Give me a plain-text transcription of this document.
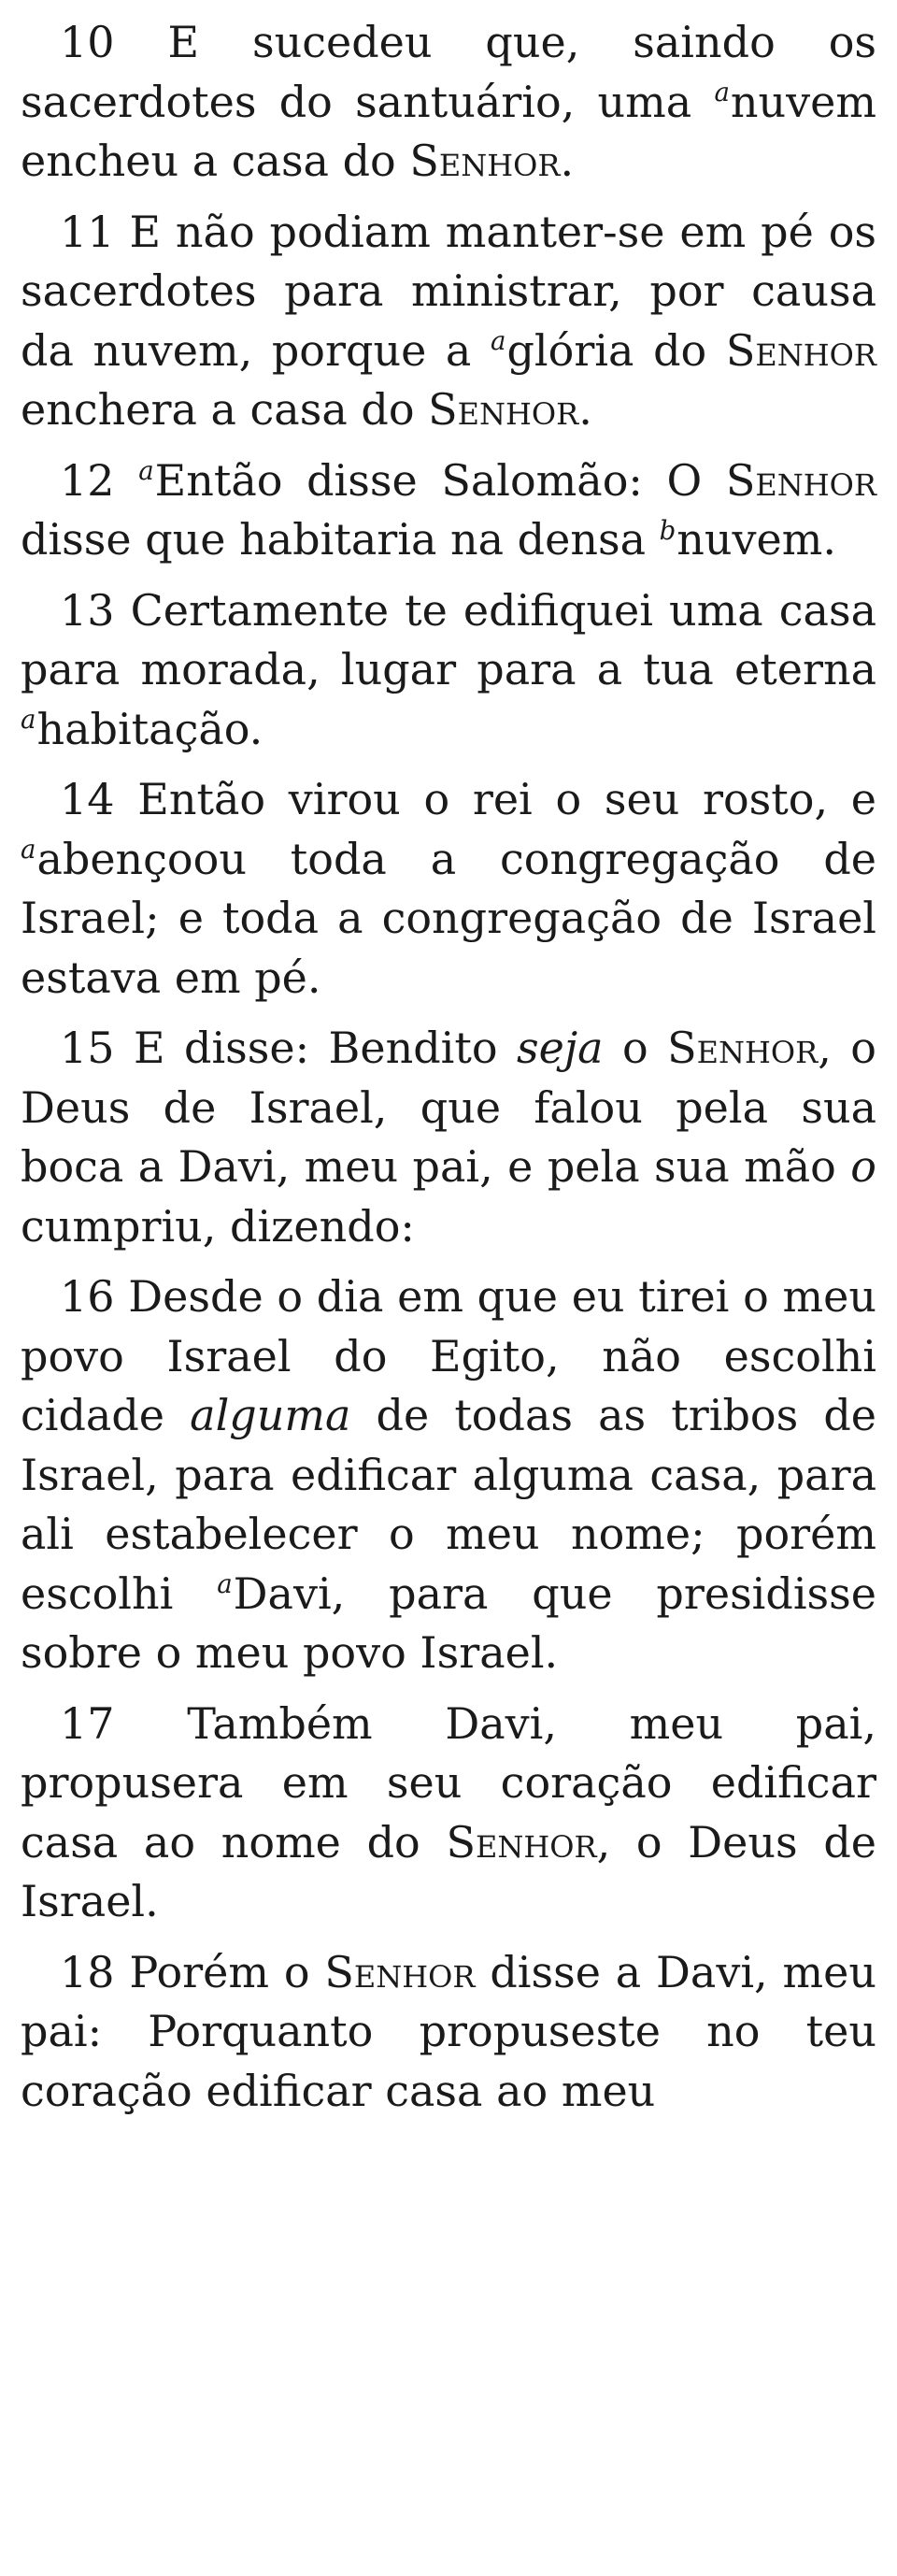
10 E sucedeu que, saindo os sacerdotes do santuário, uma $^a$nuvem encheu a casa do Senhor.

11 E não podiam manter-se em pé os sacerdotes para ministrar, por causa da nuvem, porque a $^a$glória do Senhor enchera a casa do Senhor.

12 $^a$Então disse Salomão: O Senhor disse que habitaria na densa $^b$nuvem.

13 Certamente te edifiquei uma casa para morada, lugar para a tua eterna $^a$habitação.

14 Então virou o rei o seu rosto, e $^a$abençoou toda a congregação de Israel; e toda a congregação de Israel estava em pé.

15 E disse: Bendito seja o Senhor, o Deus de Israel, que falou pela sua boca a Davi, meu pai, e pela sua mão o cumpriu, dizendo:

16 Desde o dia em que eu tirei o meu povo Israel do Egito, não escolhi cidade alguma de todas as tribos de Israel, para edificar alguma casa, para ali estabelecer o meu nome; porém escolhi $^a$Davi, para que presidisse sobre o meu povo Israel.

17 Também Davi, meu pai, propusera em seu coração edificar casa ao nome do Senhor, o Deus de Israel.

18 Porém o Senhor disse a Davi, meu pai: Porquanto propuseste no teu coração edificar casa ao meu
